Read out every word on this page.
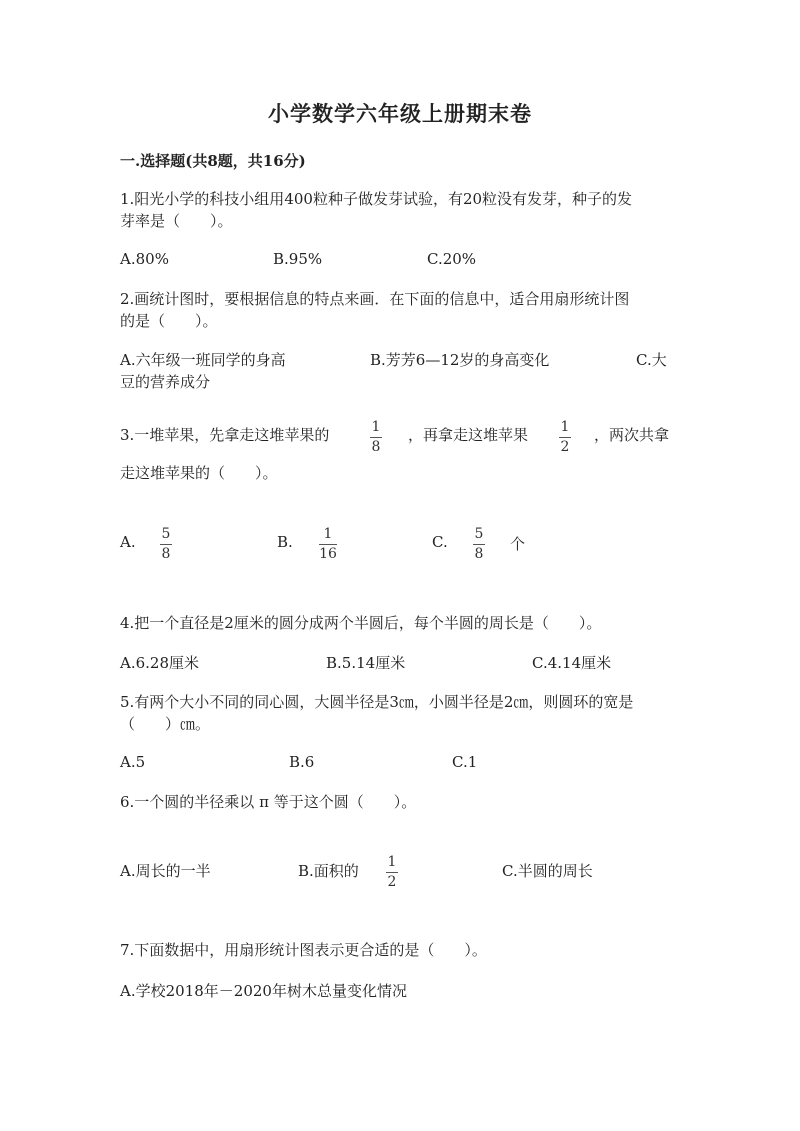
小学数学六年级上册期末卷
一.选择题(共8题，共16分)
1.阳光小学的科技小组用400粒种子做发芽试验，有20粒没有发芽，种子的发
芽率是（　　）。
A.80%	B.95%	C.20%
2.画统计图时，要根据信息的特点来画．在下面的信息中，适合用扇形统计图
的是（　　）。
A.六年级一班同学的身高	B.芳芳6—12岁的身高变化	C.大
豆的营养成分
3.一堆苹果，先拿走这堆苹果的	1
8
，再拿走这堆苹果 1
2
，两次共拿
走这堆苹果的（　　）。
A. 5
8
B. 1
16
C. 5
8
个
4.把一个直径是2厘米的圆分成两个半圆后，每个半圆的周长是（　　）。
A.6.28厘米	B.5.14厘米	C.4.14厘米
5.有两个大小不同的同心圆，大圆半径是3㎝，小圆半径是2㎝，则圆环的宽是
（　　）㎝。
A.5	B.6	C.1
6.一个圆的半径乘以 π 等于这个圆（　　）。
A.周长的一半	B.面积的 1
2
C.半圆的周长
7.下面数据中，用扇形统计图表示更合适的是（　　）。
A.学校2018年－2020年树木总量变化情况
